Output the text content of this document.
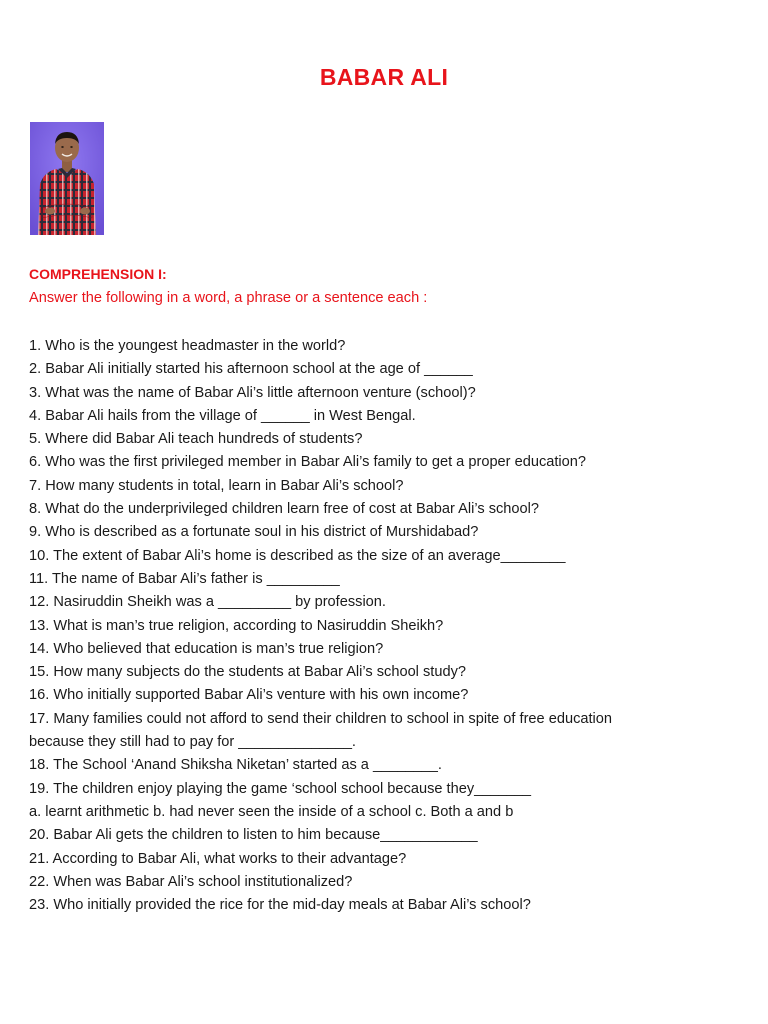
BABAR ALI

COMPREHENSION I:

Answer the following in a word, a phrase or a sentence each :

1. Who is the youngest headmaster in the world?
2. Babar Ali initially started his afternoon school at the age of ______
3. What was the name of Babar Ali’s little afternoon venture (school)?
4. Babar Ali hails from the village of ______ in West Bengal.
5. Where did Babar Ali teach hundreds of students?
6. Who was the first privileged member in Babar Ali’s family to get a proper education?
7. How many students in total, learn in Babar Ali’s school?
8. What do the underprivileged children learn free of cost at Babar Ali’s school?
9. Who is described as a fortunate soul in his district of Murshidabad?
10. The extent of Babar Ali’s home is described as the size of an average________
11. The name of Babar Ali’s father is _________
12. Nasiruddin Sheikh was a _________ by profession.
13. What is man’s true religion, according to Nasiruddin Sheikh?
14. Who believed that education is man’s true religion?
15. How many subjects do the students at Babar Ali’s school study?
16. Who initially supported Babar Ali’s venture with his own income?
17. Many families could not afford to send their children to school in spite of free education
because they still had to pay for ______________.
18. The School ‘Anand Shiksha Niketan’ started as a ________.
19. The children enjoy playing the game ‘school school because they_______
a. learnt arithmetic b. had never seen the inside of a school c. Both a and b
20. Babar Ali gets the children to listen to him because____________
21. According to Babar Ali, what works to their advantage?
22. When was Babar Ali’s school institutionalized?
23. Who initially provided the rice for the mid-day meals at Babar Ali’s school?
